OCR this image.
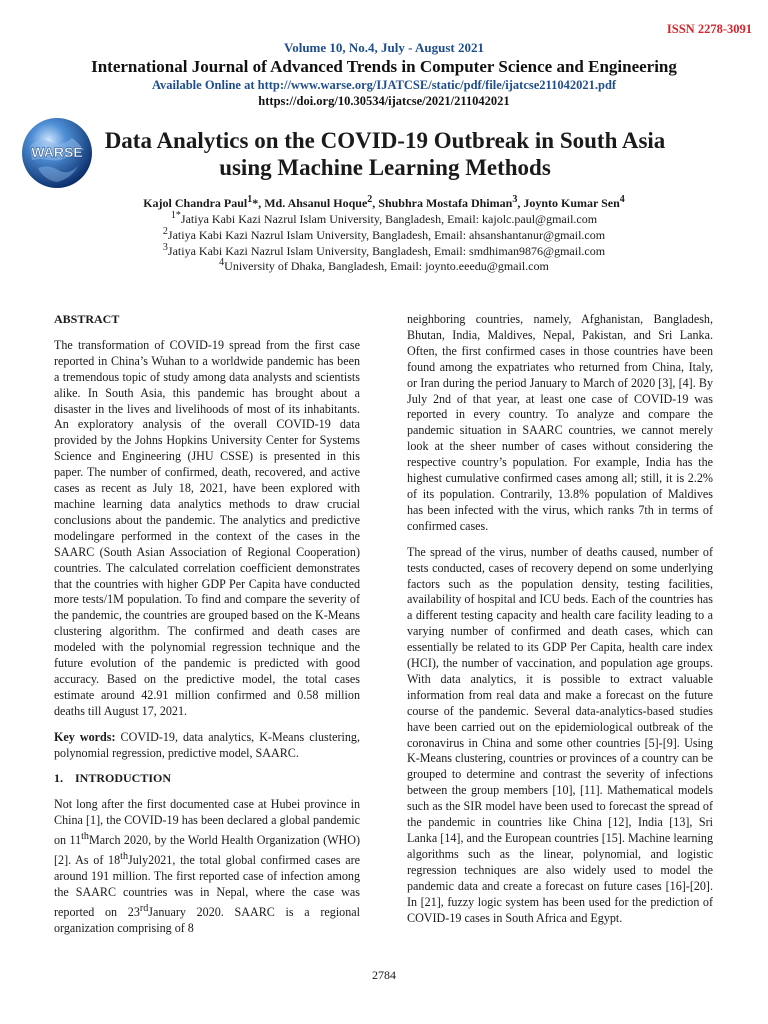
ISSN 2278-3091
Volume 10, No.4, July - August 2021
International Journal of Advanced Trends in Computer Science and Engineering
Available Online at http://www.warse.org/IJATCSE/static/pdf/file/ijatcse211042021.pdf
https://doi.org/10.30534/ijatcse/2021/211042021
WARSE Data Analytics on the COVID-19 Outbreak in South Asia
using Machine Learning Methods
Kajol Chandra Paul$^1$*, Md. Ahsanul Hoque$^2$, Shubhra Mostafa Dhiman$^3$, Joynto Kumar Sen$^4$
$^{1*}$Jatiya Kabi Kazi Nazrul Islam University, Bangladesh, Email: kajolc.paul@gmail.com
$^2$Jatiya Kabi Kazi Nazrul Islam University, Bangladesh, Email: ahsanshantanur@gmail.com
$^3$Jatiya Kabi Kazi Nazrul Islam University, Bangladesh, Email: smdhiman9876@gmail.com
$^4$University of Dhaka, Bangladesh, Email: joynto.eeedu@gmail.com

ABSTRACT

The transformation of COVID-19 spread from the first case reported in China’s Wuhan to a worldwide pandemic has been a tremendous topic of study among data analysts and scientists alike. In South Asia, this pandemic has brought about a disaster in the lives and livelihoods of most of its inhabitants. An exploratory analysis of the overall COVID-19 data provided by the Johns Hopkins University Center for Systems Science and Engineering (JHU CSSE) is presented in this paper. The number of confirmed, death, recovered, and active cases as recent as July 18, 2021, have been explored with machine learning data analytics methods to draw crucial conclusions about the pandemic. The analytics and predictive modelingare performed in the context of the cases in the SAARC (South Asian Association of Regional Cooperation) countries. The calculated correlation coefficient demonstrates that the countries with higher GDP Per Capita have conducted more tests/1M population. To find and compare the severity of the pandemic, the countries are grouped based on the K-Means clustering algorithm. The confirmed and death cases are modeled with the polynomial regression technique and the future evolution of the pandemic is predicted with good accuracy. Based on the predictive model, the total cases estimate around 42.91 million confirmed and 0.58 million deaths till August 17, 2021.

Key words: COVID-19, data analytics, K-Means clustering, polynomial regression, predictive model, SAARC.

1.    INTRODUCTION

Not long after the first documented case at Hubei province in China [1], the COVID-19 has been declared a global pandemic on 11thMarch 2020, by the World Health Organization (WHO) [2]. As of 18thJuly2021, the total global confirmed cases are around 191 million. The first reported case of infection among the SAARC countries was in Nepal, where the case was reported on 23rdJanuary 2020. SAARC is a regional organization comprising of 8

neighboring countries, namely, Afghanistan, Bangladesh, Bhutan, India, Maldives, Nepal, Pakistan, and Sri Lanka. Often, the first confirmed cases in those countries have been found among the expatriates who returned from China, Italy, or Iran during the period January to March of 2020 [3], [4]. By July 2nd of that year, at least one case of COVID-19 was reported in every country. To analyze and compare the pandemic situation in SAARC countries, we cannot merely look at the sheer number of cases without considering the respective country’s population. For example, India has the highest cumulative confirmed cases among all; still, it is 2.2% of its population. Contrarily, 13.8% population of Maldives has been infected with the virus, which ranks 7th in terms of confirmed cases.

The spread of the virus, number of deaths caused, number of tests conducted, cases of recovery depend on some underlying factors such as the population density, testing facilities, availability of hospital and ICU beds. Each of the countries has a different testing capacity and health care facility leading to a varying number of confirmed and death cases, which can essentially be related to its GDP Per Capita, health care index (HCI), the number of vaccination, and population age groups. With data analytics, it is possible to extract valuable information from real data and make a forecast on the future course of the pandemic. Several data-analytics-based studies have been carried out on the epidemiological outbreak of the coronavirus in China and some other countries [5]-[9]. Using K-Means clustering, countries or provinces of a country can be grouped to determine and contrast the severity of infections between the group members [10], [11]. Mathematical models such as the SIR model have been used to forecast the spread of the pandemic in countries like China [12], India [13], Sri Lanka [14], and the European countries [15]. Machine learning algorithms such as the linear, polynomial, and logistic regression techniques are also widely used to model the pandemic data and create a forecast on future cases [16]-[20]. In [21], fuzzy logic system has been used for the prediction of COVID-19 cases in South Africa and Egypt.

2784
